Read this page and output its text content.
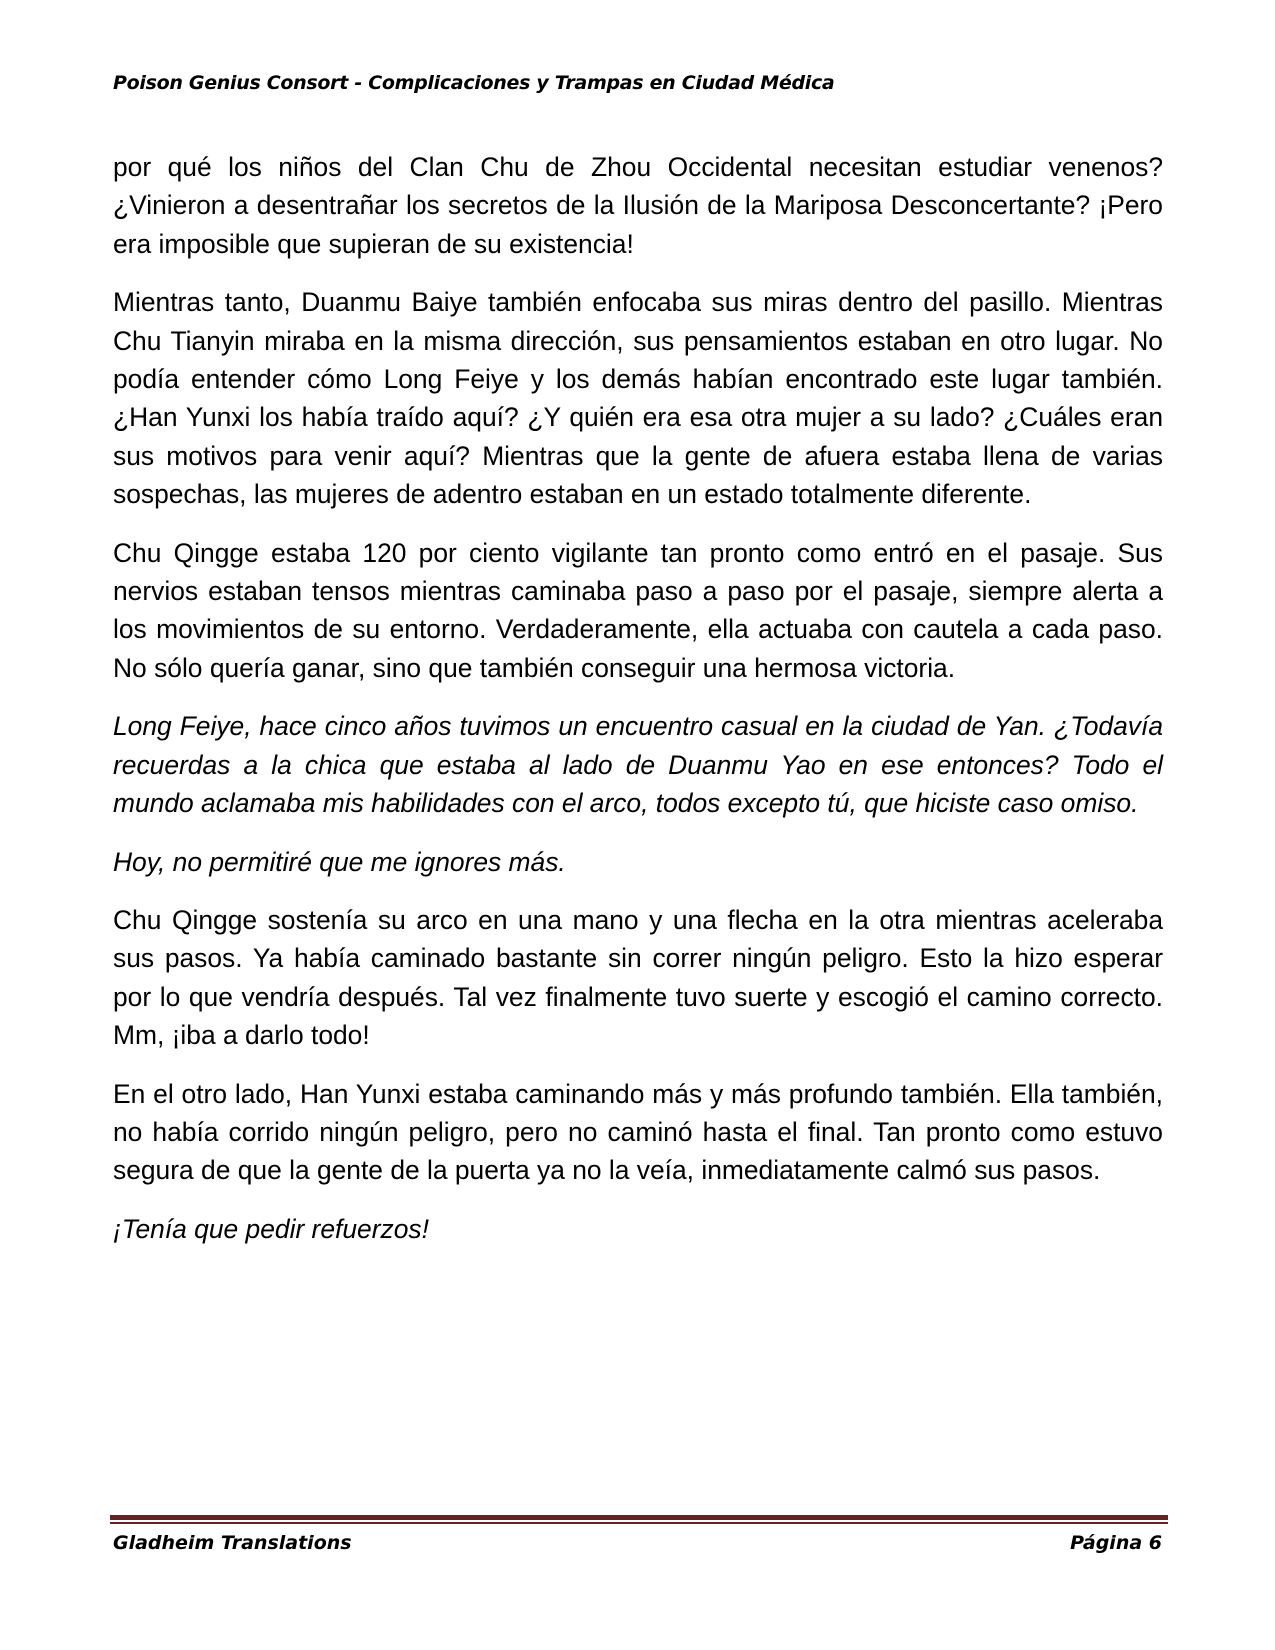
Poison Genius Consort - Complicaciones y Trampas en Ciudad Médica

por qué los niños del Clan Chu de Zhou Occidental necesitan estudiar venenos? ¿Vinieron a desentrañar los secretos de la Ilusión de la Mariposa Desconcertante? ¡Pero era imposible que supieran de su existencia!

Mientras tanto, Duanmu Baiye también enfocaba sus miras dentro del pasillo. Mientras Chu Tianyin miraba en la misma dirección, sus pensamientos estaban en otro lugar. No podía entender cómo Long Feiye y los demás habían encontrado este lugar también. ¿Han Yunxi los había traído aquí? ¿Y quién era esa otra mujer a su lado? ¿Cuáles eran sus motivos para venir aquí? Mientras que la gente de afuera estaba llena de varias sospechas, las mujeres de adentro estaban en un estado totalmente diferente.

Chu Qingge estaba 120 por ciento vigilante tan pronto como entró en el pasaje. Sus nervios estaban tensos mientras caminaba paso a paso por el pasaje, siempre alerta a los movimientos de su entorno. Verdaderamente, ella actuaba con cautela a cada paso. No sólo quería ganar, sino que también conseguir una hermosa victoria.

Long Feiye, hace cinco años tuvimos un encuentro casual en la ciudad de Yan. ¿Todavía recuerdas a la chica que estaba al lado de Duanmu Yao en ese entonces? Todo el mundo aclamaba mis habilidades con el arco, todos excepto tú, que hiciste caso omiso.

Hoy, no permitiré que me ignores más.

Chu Qingge sostenía su arco en una mano y una flecha en la otra mientras aceleraba sus pasos. Ya había caminado bastante sin correr ningún peligro. Esto la hizo esperar por lo que vendría después. Tal vez finalmente tuvo suerte y escogió el camino correcto. Mm, ¡iba a darlo todo!

En el otro lado, Han Yunxi estaba caminando más y más profundo también. Ella también, no había corrido ningún peligro, pero no caminó hasta el final. Tan pronto como estuvo segura de que la gente de la puerta ya no la veía, inmediatamente calmó sus pasos.

¡Tenía que pedir refuerzos!

Gladheim Translations	Página 6
